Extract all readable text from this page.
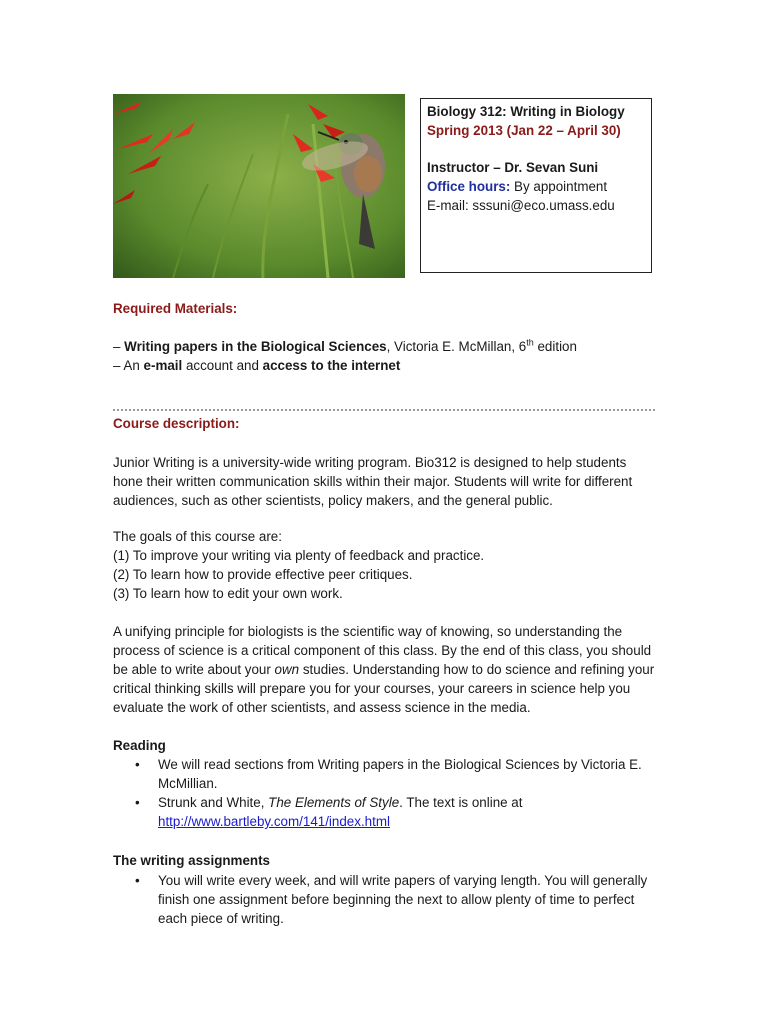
Biology 312: Writing in Biology
Spring 2013 (Jan 22 – April 30)
Instructor – Dr. Sevan Suni
Office hours: By appointment
E-mail: sssuni@eco.umass.edu
Required Materials:
– Writing papers in the Biological Sciences, Victoria E. McMillan, 6th edition
– An e-mail account and access to the internet
Course description:
Junior Writing is a university-wide writing program. Bio312 is designed to help students hone their written communication skills within their major. Students will write for different audiences, such as other scientists, policy makers, and the general public.
The goals of this course are:
(1) To improve your writing via plenty of feedback and practice.
(2) To learn how to provide effective peer critiques.
(3) To learn how to edit your own work.
A unifying principle for biologists is the scientific way of knowing, so understanding the process of science is a critical component of this class. By the end of this class, you should be able to write about your own studies. Understanding how to do science and refining your critical thinking skills will prepare you for your courses, your careers in science help you evaluate the work of other scientists, and assess science in the media.
Reading
• We will read sections from Writing papers in the Biological Sciences by Victoria E. McMillian.
• Strunk and White, The Elements of Style. The text is online at
http://www.bartleby.com/141/index.html
The writing assignments
• You will write every week, and will write papers of varying length. You will generally finish one assignment before beginning the next to allow plenty of time to perfect each piece of writing.
